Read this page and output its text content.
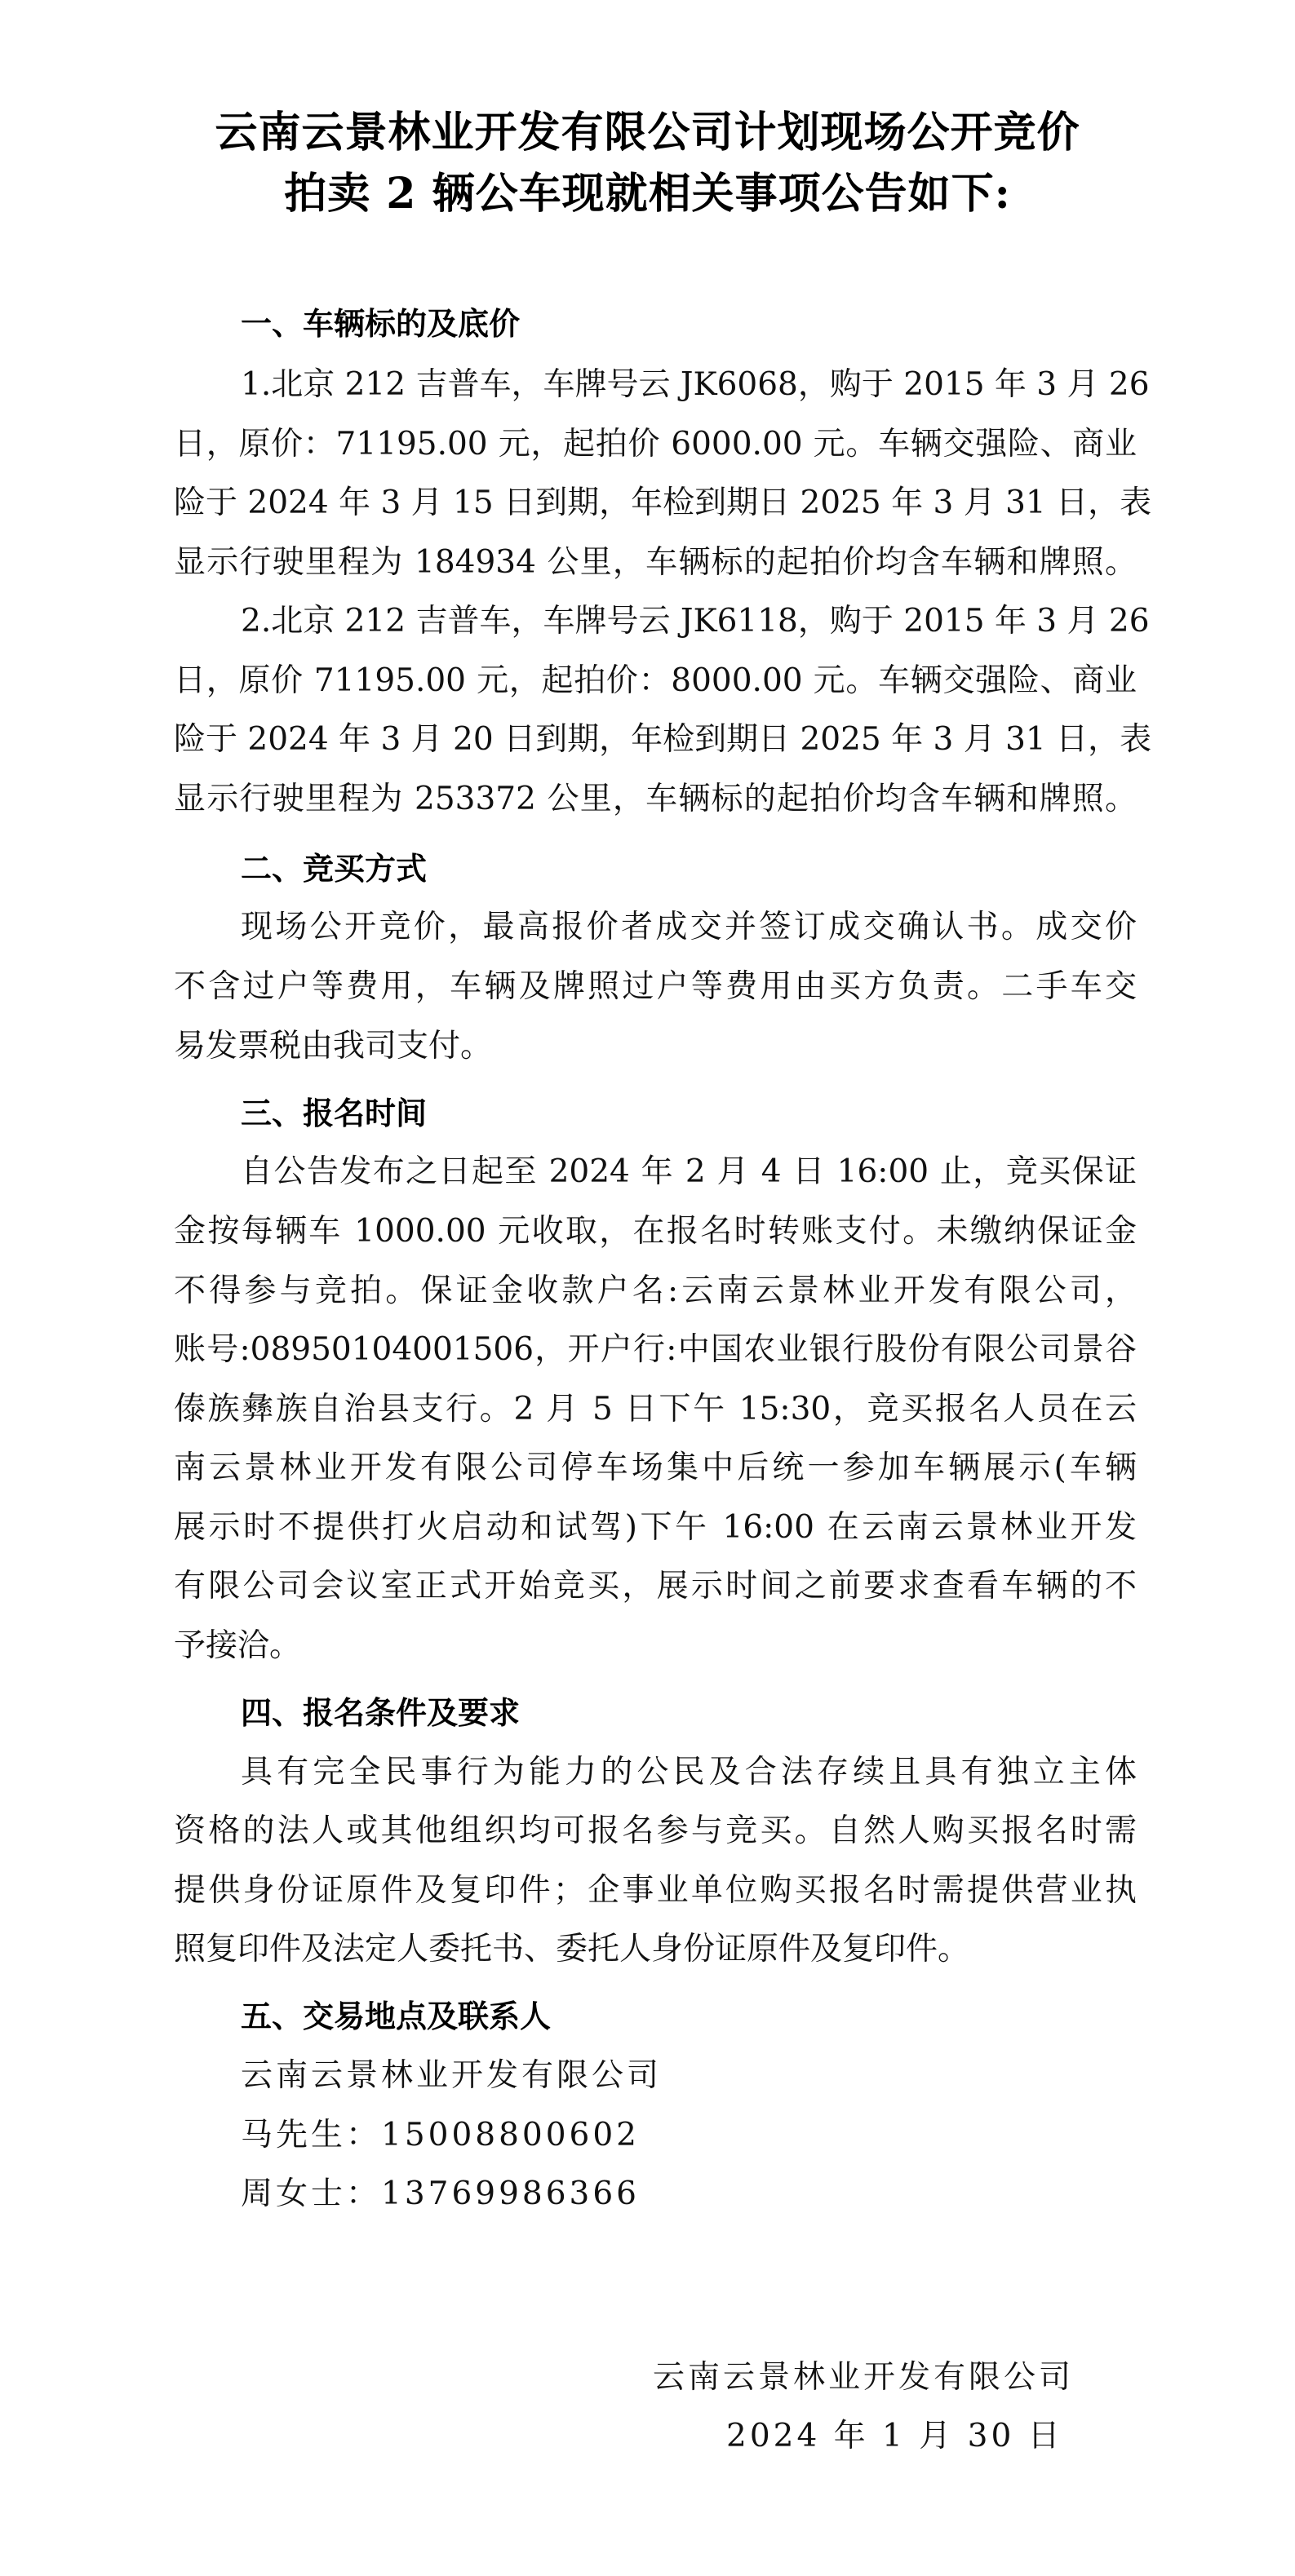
云南云景林业开发有限公司计划现场公开竞价
拍卖 2 辆公车现就相关事项公告如下:
一、车辆标的及底价
1.北京 212 吉普车，车牌号云 JK6068，购于 2015 年 3 月 26
日，原价：71195.00 元，起拍价 6000.00 元。车辆交强险、商业
险于 2024 年 3 月 15 日到期，年检到期日 2025 年 3 月 31 日，表
显示行驶里程为 184934 公里，车辆标的起拍价均含车辆和牌照。
2.北京 212 吉普车，车牌号云 JK6118，购于 2015 年 3 月 26
日，原价 71195.00 元，起拍价：8000.00 元。车辆交强险、商业
险于 2024 年 3 月 20 日到期，年检到期日 2025 年 3 月 31 日，表
显示行驶里程为 253372 公里，车辆标的起拍价均含车辆和牌照。
二、竞买方式
现场公开竞价，最高报价者成交并签订成交确认书。成交价
不含过户等费用，车辆及牌照过户等费用由买方负责。二手车交
易发票税由我司支付。
三、报名时间
自公告发布之日起至 2024 年 2 月 4 日 16:00 止，竞买保证
金按每辆车 1000.00 元收取，在报名时转账支付。未缴纳保证金
不得参与竞拍。保证金收款户名:云南云景林业开发有限公司，
账号:08950104001506，开户行:中国农业银行股份有限公司景谷
傣族彝族自治县支行。2 月 5 日下午 15:30，竞买报名人员在云
南云景林业开发有限公司停车场集中后统一参加车辆展示(车辆
展示时不提供打火启动和试驾)下午 16:00 在云南云景林业开发
有限公司会议室正式开始竞买，展示时间之前要求查看车辆的不
予接洽。
四、报名条件及要求
具有完全民事行为能力的公民及合法存续且具有独立主体
资格的法人或其他组织均可报名参与竞买。自然人购买报名时需
提供身份证原件及复印件；企事业单位购买报名时需提供营业执
照复印件及法定人委托书、委托人身份证原件及复印件。
五、交易地点及联系人
云南云景林业开发有限公司
马先生：15008800602
周女士：13769986366
云南云景林业开发有限公司
2024 年 1 月 30 日
